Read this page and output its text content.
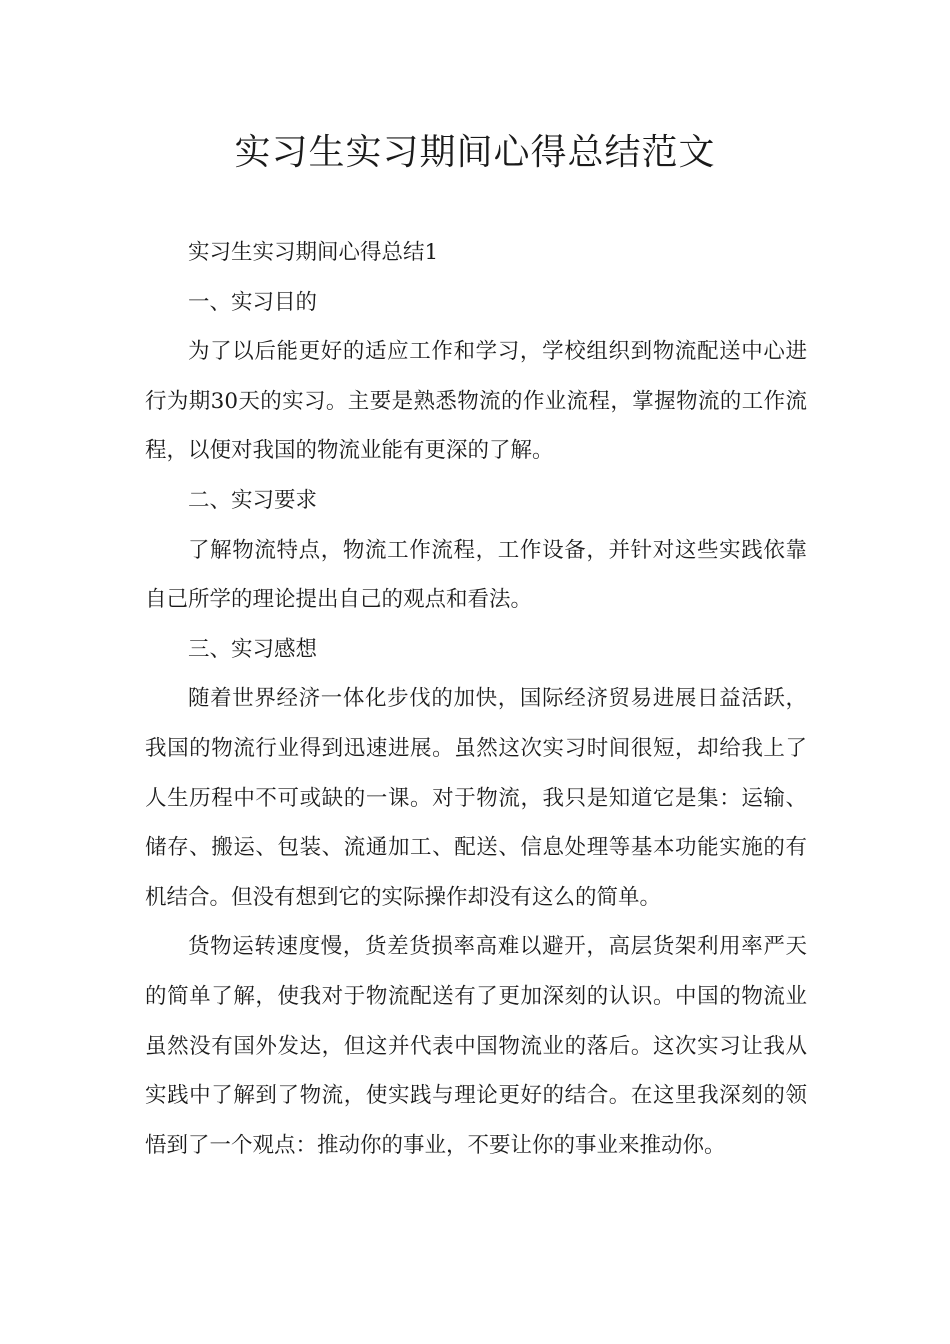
实习生实习期间心得总结范文

实习生实习期间心得总结1

一、实习目的

为了以后能更好的适应工作和学习，学校组织到物流配送中心进行为期30天的实习。主要是熟悉物流的作业流程，掌握物流的工作流程，以便对我国的物流业能有更深的了解。

二、实习要求

了解物流特点，物流工作流程，工作设备，并针对这些实践依靠自己所学的理论提出自己的观点和看法。

三、实习感想

随着世界经济一体化步伐的加快，国际经济贸易进展日益活跃，我国的物流行业得到迅速进展。虽然这次实习时间很短，却给我上了人生历程中不可或缺的一课。对于物流，我只是知道它是集：运输、储存、搬运、包装、流通加工、配送、信息处理等基本功能实施的有机结合。但没有想到它的实际操作却没有这么的简单。

货物运转速度慢，货差货损率高难以避开，高层货架利用率严天的简单了解，使我对于物流配送有了更加深刻的认识。中国的物流业虽然没有国外发达，但这并代表中国物流业的落后。这次实习让我从实践中了解到了物流，使实践与理论更好的结合。在这里我深刻的领悟到了一个观点：推动你的事业，不要让你的事业来推动你。
